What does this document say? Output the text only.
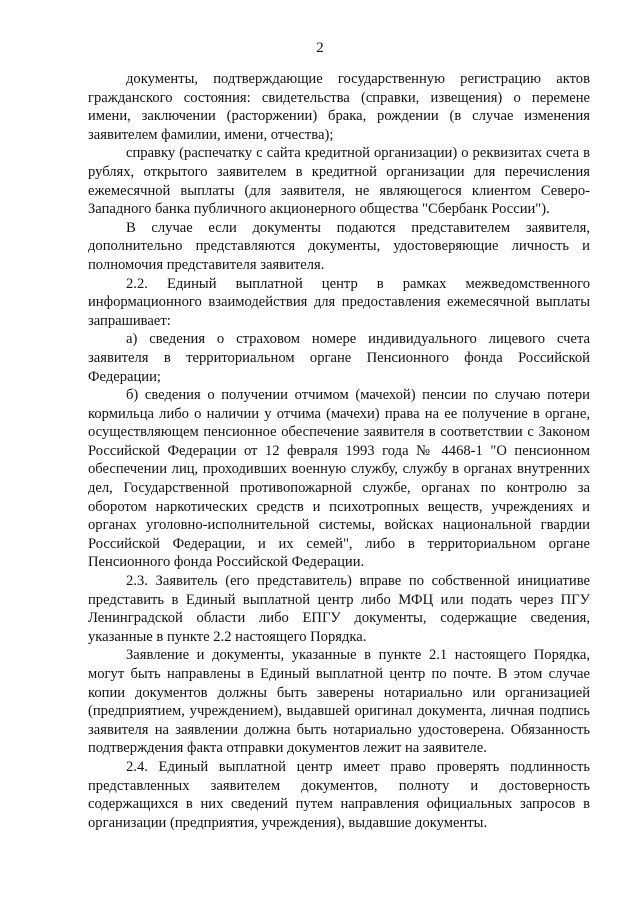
2

документы, подтверждающие государственную регистрацию актов гражданского состояния: свидетельства (справки, извещения) о перемене имени, заключении (расторжении) брака, рождении (в случае изменения заявителем фамилии, имени, отчества);

справку (распечатку с сайта кредитной организации) о реквизитах счета в рублях, открытого заявителем в кредитной организации для перечисления ежемесячной выплаты (для заявителя, не являющегося клиентом Северо-Западного банка публичного акционерного общества "Сбербанк России").

В случае если документы подаются представителем заявителя, дополнительно представляются документы, удостоверяющие личность и полномочия представителя заявителя.

2.2. Единый выплатной центр в рамках межведомственного информационного взаимодействия для предоставления ежемесячной выплаты запрашивает:

а) сведения о страховом номере индивидуального лицевого счета заявителя в территориальном органе Пенсионного фонда Российской Федерации;

б) сведения о получении отчимом (мачехой) пенсии по случаю потери кормильца либо о наличии у отчима (мачехи) права на ее получение в органе, осуществляющем пенсионное обеспечение заявителя в соответствии с Законом Российской Федерации от 12 февраля 1993 года № 4468-1 "О пенсионном обеспечении лиц, проходивших военную службу, службу в органах внутренних дел, Государственной противопожарной службе, органах по контролю за оборотом наркотических средств и психотропных веществ, учреждениях и органах уголовно-исполнительной системы, войсках национальной гвардии Российской Федерации, и их семей", либо в территориальном органе Пенсионного фонда Российской Федерации.

2.3. Заявитель (его представитель) вправе по собственной инициативе представить в Единый выплатной центр либо МФЦ или подать через ПГУ Ленинградской области либо ЕПГУ документы, содержащие сведения, указанные в пункте 2.2 настоящего Порядка.

Заявление и документы, указанные в пункте 2.1 настоящего Порядка, могут быть направлены в Единый выплатной центр по почте. В этом случае копии документов должны быть заверены нотариально или организацией (предприятием, учреждением), выдавшей оригинал документа, личная подпись заявителя на заявлении должна быть нотариально удостоверена. Обязанность подтверждения факта отправки документов лежит на заявителе.

2.4. Единый выплатной центр имеет право проверять подлинность представленных заявителем документов, полноту и достоверность содержащихся в них сведений путем направления официальных запросов в организации (предприятия, учреждения), выдавшие документы.
